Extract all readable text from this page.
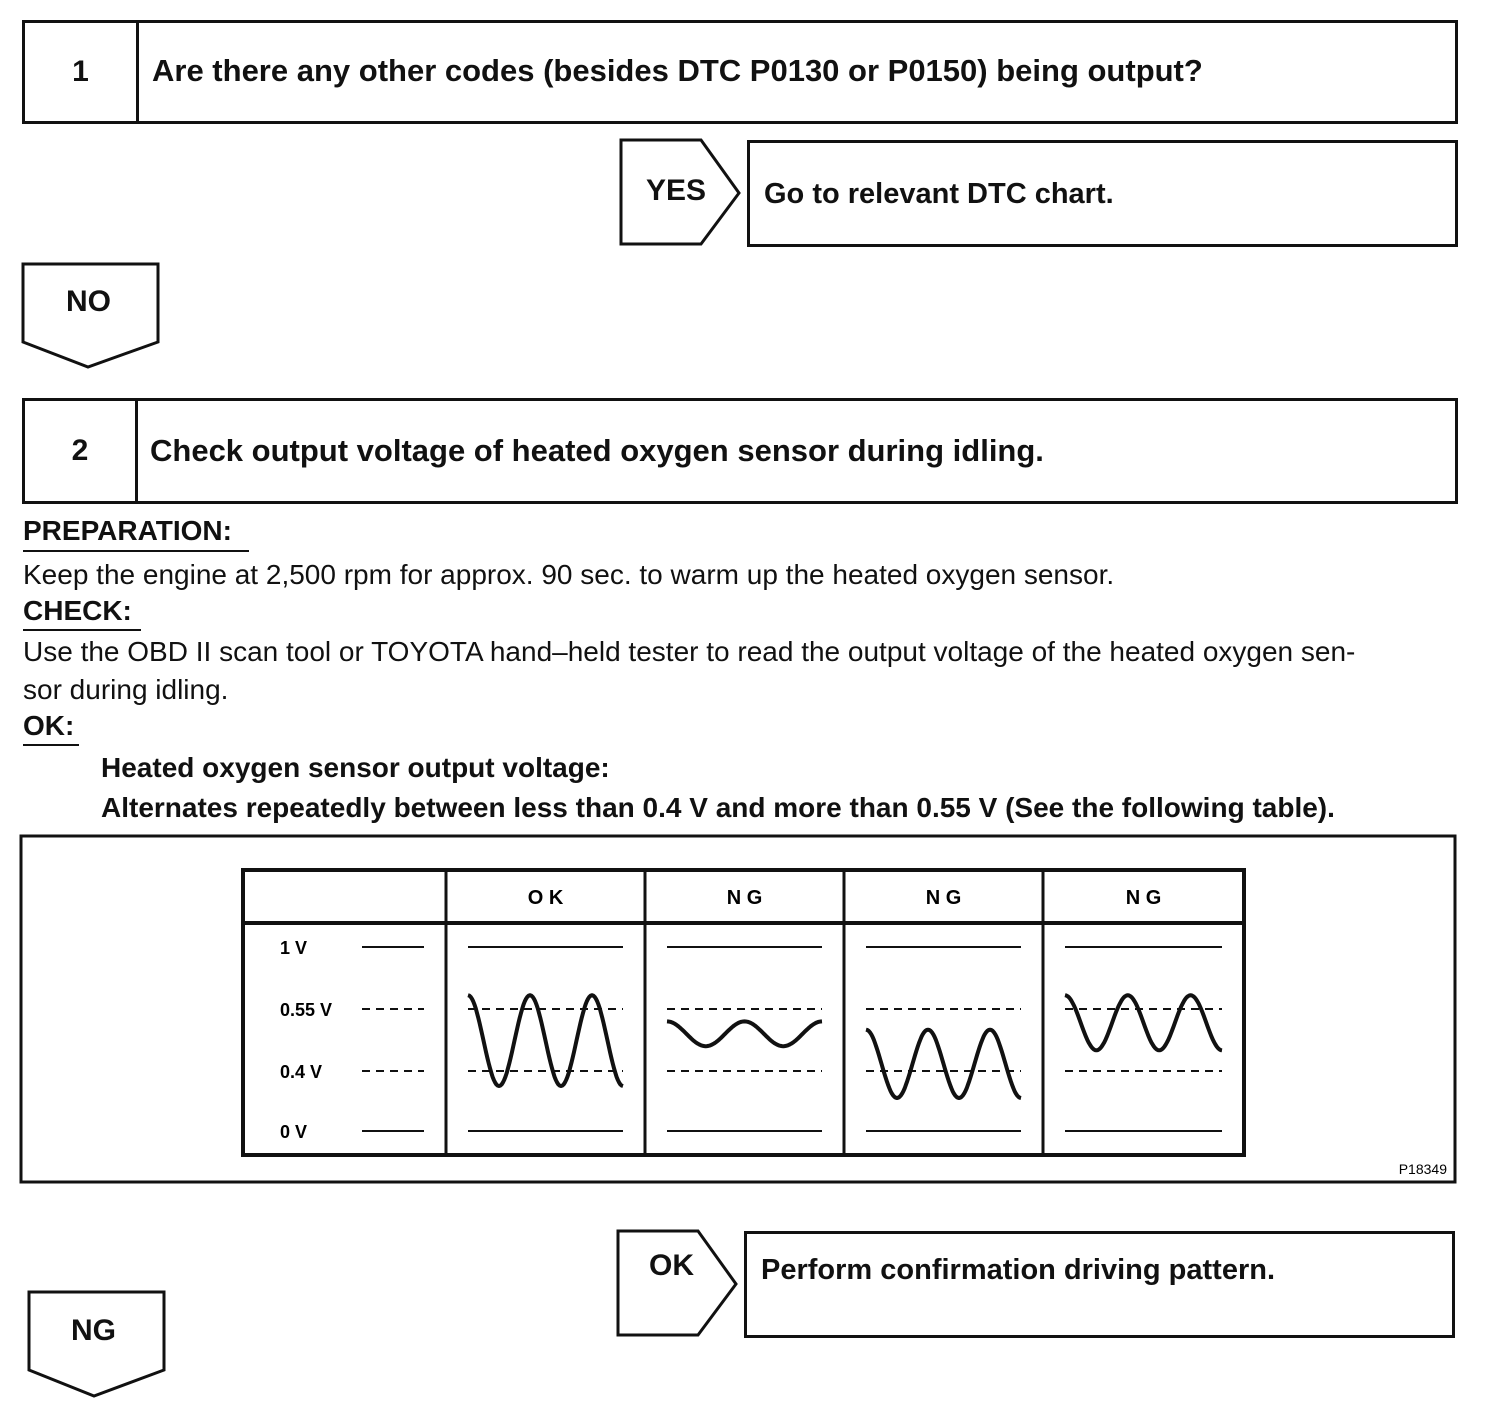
1	Are there any other codes (besides DTC P0130 or P0150) being output?
YES Go to relevant DTC chart.
NO
2	Check output voltage of heated oxygen sensor during idling.
PREPARATION:
Keep the engine at 2,500 rpm for approx. 90 sec. to warm up the heated oxygen sensor.
CHECK:
Use the OBD II scan tool or TOYOTA hand–held tester to read the output voltage of the heated oxygen sen-
sor during idling.
OK:
Heated oxygen sensor output voltage:
Alternates repeatedly between less than 0.4 V and more than 0.55 V (See the following table).
O K	N G	N G	N G
1 V
0.55 V
0.4 V
0 V
P18349
OK Perform confirmation driving pattern.
NG
